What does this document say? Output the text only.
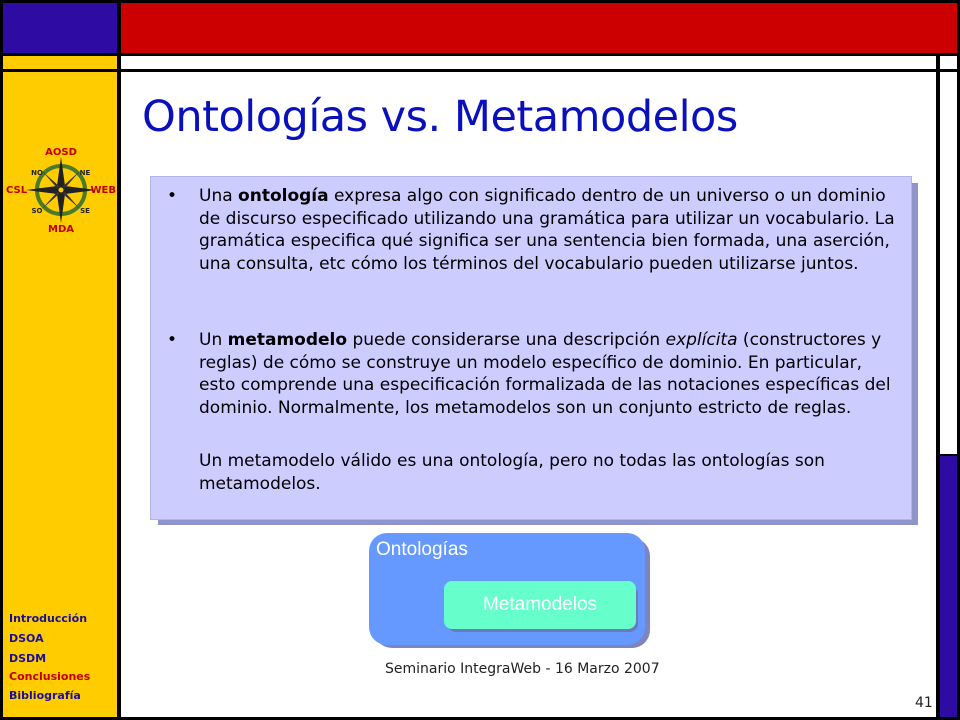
AOSD
CSL	WEB
MDA
NO	NE
SO	SE
Ontologías vs. Metamodelos
• Una ontología expresa algo con significado dentro de un universo o un dominio de discurso especificado utilizando una gramática para utilizar un vocabulario. La gramática especifica qué significa ser una sentencia bien formada, una aserción, una consulta, etc cómo los términos del vocabulario pueden utilizarse juntos.
• Un metamodelo puede considerarse una descripción explícita (constructores y reglas) de cómo se construye un modelo específico de dominio. En particular, esto comprende una especificación formalizada de las notaciones específicas del dominio. Normalmente, los metamodelos son un conjunto estricto de reglas.
Un metamodelo válido es una ontología, pero no todas las ontologías son metamodelos.
Ontologías
Metamodelos
Seminario IntegraWeb - 16 Marzo 2007
41
Introducción
DSOA
DSDM
Conclusiones
Bibliografía
